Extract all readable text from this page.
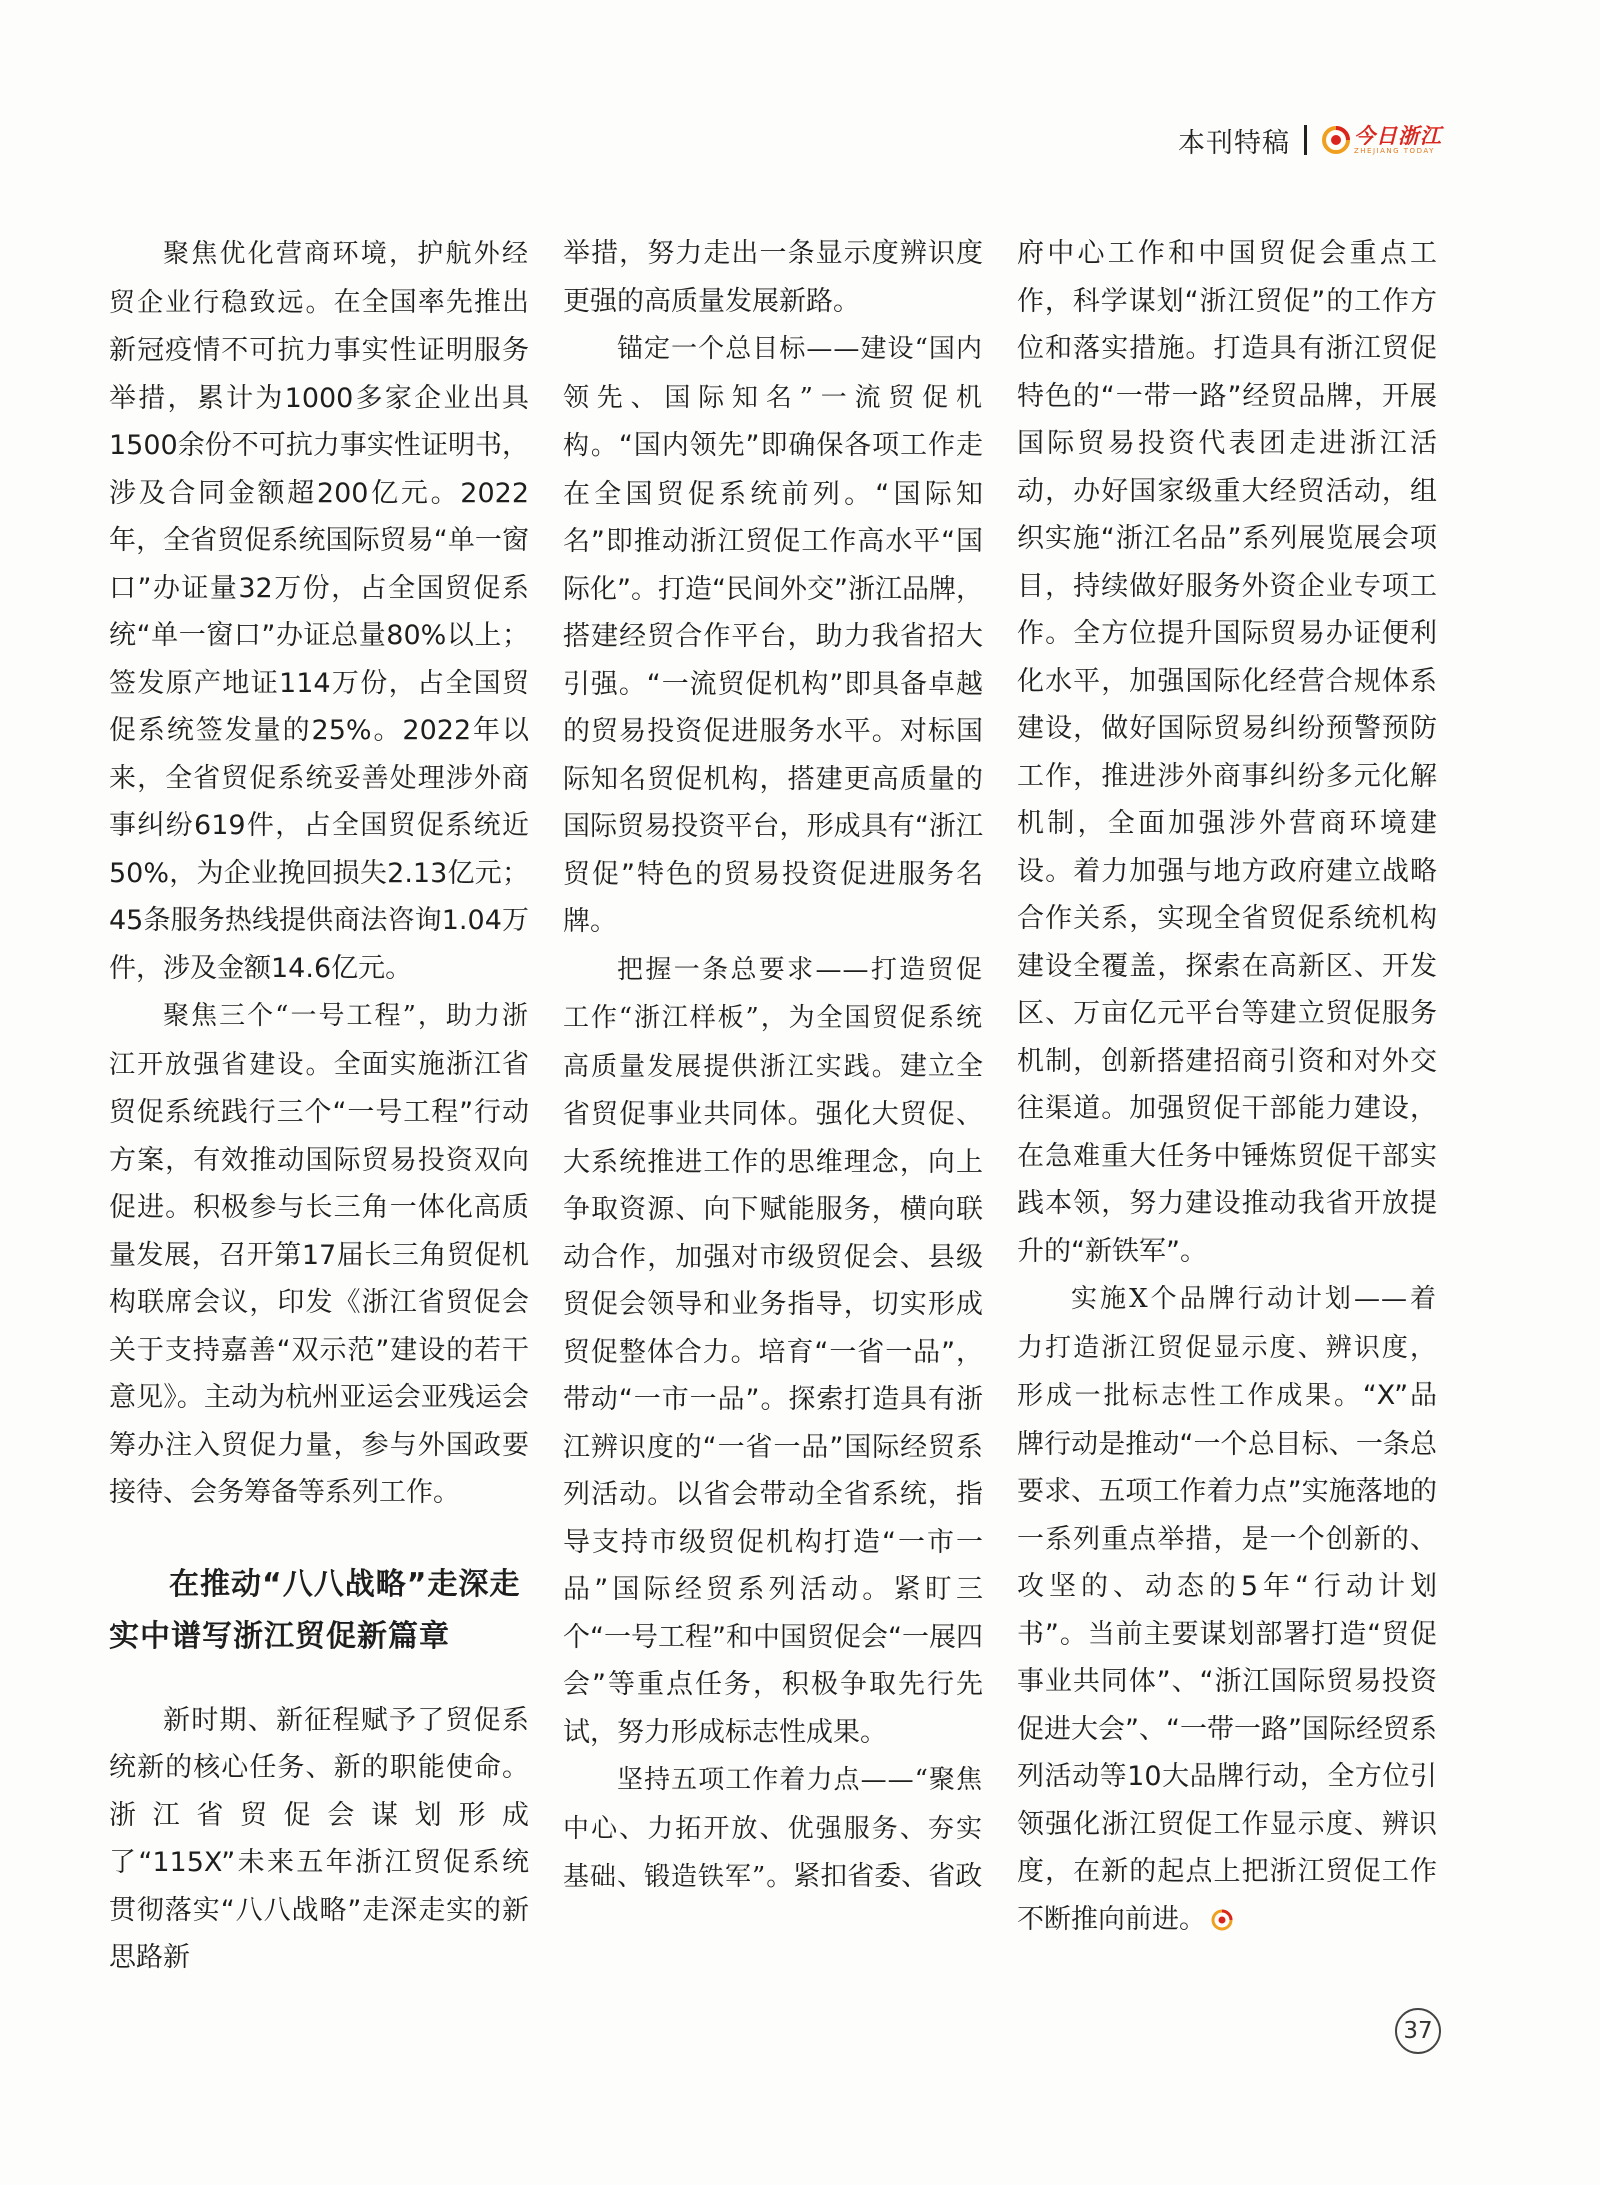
本刊特稿	今日浙江
ZHEJIANG TODAY

聚焦优化营商环境，护航外经贸企业行稳致远。在全国率先推出新冠疫情不可抗力事实性证明服务举措，累计为1000多家企业出具1500余份不可抗力事实性证明书，涉及合同金额超200亿元。2022年，全省贸促系统国际贸易“单一窗口”办证量32万份，占全国贸促系统“单一窗口”办证总量80%以上；签发原产地证114万份，占全国贸促系统签发量的25%。2022年以来，全省贸促系统妥善处理涉外商事纠纷619件，占全国贸促系统近50%，为企业挽回损失2.13亿元；45条服务热线提供商法咨询1.04万件，涉及金额14.6亿元。

聚焦三个“一号工程”，助力浙江开放强省建设。全面实施浙江省贸促系统践行三个“一号工程”行动方案，有效推动国际贸易投资双向促进。积极参与长三角一体化高质量发展，召开第17届长三角贸促机构联席会议，印发《浙江省贸促会关于支持嘉善“双示范”建设的若干意见》。主动为杭州亚运会亚残运会筹办注入贸促力量，参与外国政要接待、会务筹备等系列工作。

在推动“八八战略”走深走
实中谱写浙江贸促新篇章

新时期、新征程赋予了贸促系统新的核心任务、新的职能使命。浙江省贸促会谋划形成了“115X”未来五年浙江贸促系统贯彻落实“八八战略”走深走实的新思路新

举措，努力走出一条显示度辨识度更强的高质量发展新路。

锚定一个总目标——建设“国内领先、国际知名”一流贸促机构。“国内领先”即确保各项工作走在全国贸促系统前列。“国际知名”即推动浙江贸促工作高水平“国际化”。打造“民间外交”浙江品牌，搭建经贸合作平台，助力我省招大引强。“一流贸促机构”即具备卓越的贸易投资促进服务水平。对标国际知名贸促机构，搭建更高质量的国际贸易投资平台，形成具有“浙江贸促”特色的贸易投资促进服务名牌。

把握一条总要求——打造贸促工作“浙江样板”，为全国贸促系统高质量发展提供浙江实践。建立全省贸促事业共同体。强化大贸促、大系统推进工作的思维理念，向上争取资源、向下赋能服务，横向联动合作，加强对市级贸促会、县级贸促会领导和业务指导，切实形成贸促整体合力。培育“一省一品”，带动“一市一品”。探索打造具有浙江辨识度的“一省一品”国际经贸系列活动。以省会带动全省系统，指导支持市级贸促机构打造“一市一品”国际经贸系列活动。紧盯三个“一号工程”和中国贸促会“一展四会”等重点任务，积极争取先行先试，努力形成标志性成果。

坚持五项工作着力点——“聚焦中心、力拓开放、优强服务、夯实基础、锻造铁军”。紧扣省委、省政

府中心工作和中国贸促会重点工作，科学谋划“浙江贸促”的工作方位和落实措施。打造具有浙江贸促特色的“一带一路”经贸品牌，开展国际贸易投资代表团走进浙江活动，办好国家级重大经贸活动，组织实施“浙江名品”系列展览展会项目，持续做好服务外资企业专项工作。全方位提升国际贸易办证便利化水平，加强国际化经营合规体系建设，做好国际贸易纠纷预警预防工作，推进涉外商事纠纷多元化解机制，全面加强涉外营商环境建设。着力加强与地方政府建立战略合作关系，实现全省贸促系统机构建设全覆盖，探索在高新区、开发区、万亩亿元平台等建立贸促服务机制，创新搭建招商引资和对外交往渠道。加强贸促干部能力建设，在急难重大任务中锤炼贸促干部实践本领，努力建设推动我省开放提升的“新铁军”。

实施X个品牌行动计划——着力打造浙江贸促显示度、辨识度，形成一批标志性工作成果。“X”品牌行动是推动“一个总目标、一条总要求、五项工作着力点”实施落地的一系列重点举措，是一个创新的、攻坚的、动态的5年“行动计划书”。当前主要谋划部署打造“贸促事业共同体”、“浙江国际贸易投资促进大会”、“一带一路”国际经贸系列活动等10大品牌行动，全方位引领强化浙江贸促工作显示度、辨识度，在新的起点上把浙江贸促工作不断推向前进。

37
